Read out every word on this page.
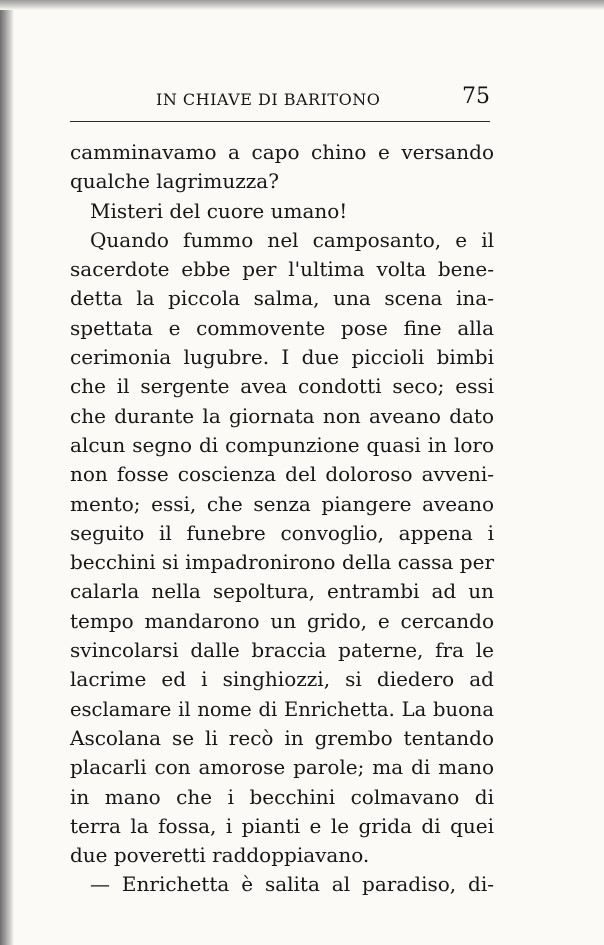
IN CHIAVE DI BARITONO	75
camminavamo a capo chino e versando
qualche lagrimuzza?
Misteri del cuore umano!
Quando fummo nel camposanto, e il
sacerdote ebbe per l'ultima volta bene-
detta la piccola salma, una scena ina-
spettata e commovente pose fine alla
cerimonia lugubre. I due piccioli bimbi
che il sergente avea condotti seco; essi
che durante la giornata non aveano dato
alcun segno di compunzione quasi in loro
non fosse coscienza del doloroso avveni-
mento; essi, che senza piangere aveano
seguito il funebre convoglio, appena i
becchini si impadronirono della cassa per
calarla nella sepoltura, entrambi ad un
tempo mandarono un grido, e cercando
svincolarsi dalle braccia paterne, fra le
lacrime ed i singhiozzi, si diedero ad
esclamare il nome di Enrichetta. La buona
Ascolana se li recò in grembo tentando
placarli con amorose parole; ma di mano
in mano che i becchini colmavano di
terra la fossa, i pianti e le grida di quei
due poveretti raddoppiavano.
— Enrichetta è salita al paradiso, di-
